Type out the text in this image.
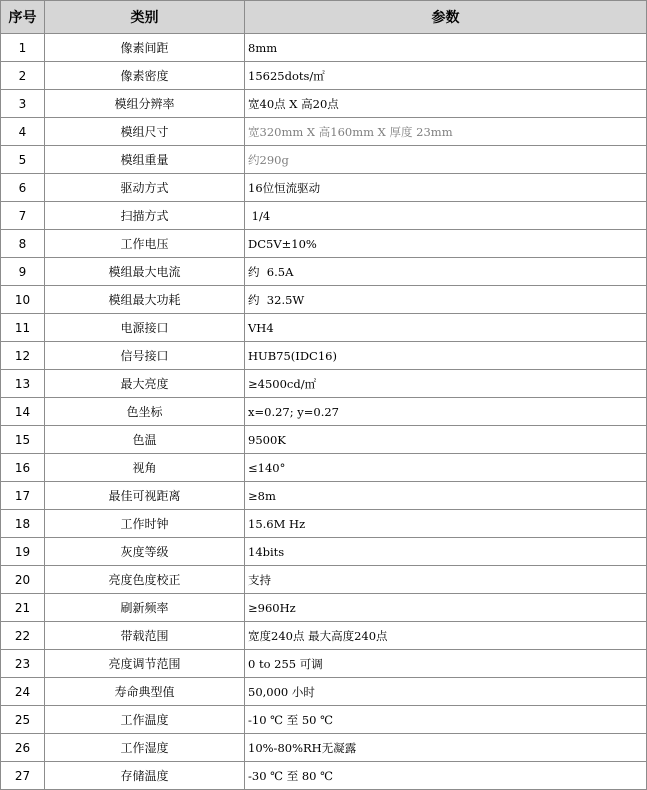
序号	类别	参数
1	像素间距	8mm
2	像素密度	15625dots/㎡
3	模组分辨率	宽40点 X 高20点
4	模组尺寸	宽320mm X 高160mm X 厚度 23mm
5	模组重量	约290g
6	驱动方式	16位恒流驱动
7	扫描方式	1/4
8	工作电压	DC5V±10%
9	模组最大电流	约  6.5A
10	模组最大功耗	约  32.5W
11	电源接口	VH4
12	信号接口	HUB75(IDC16)
13	最大亮度	≥4500cd/㎡
14	色坐标	x=0.27; y=0.27
15	色温	9500K
16	视角	≤140°
17	最佳可视距离	≥8m
18	工作时钟	15.6M Hz
19	灰度等级	14bits
20	亮度色度校正	支持
21	刷新频率	≥960Hz
22	带载范围	宽度240点 最大高度240点
23	亮度调节范围	0 to 255 可调
24	寿命典型值	50,000 小时
25	工作温度	-10 ℃ 至 50 ℃
26	工作湿度	10%-80%RH无凝露
27	存储温度	-30 ℃ 至 80 ℃
